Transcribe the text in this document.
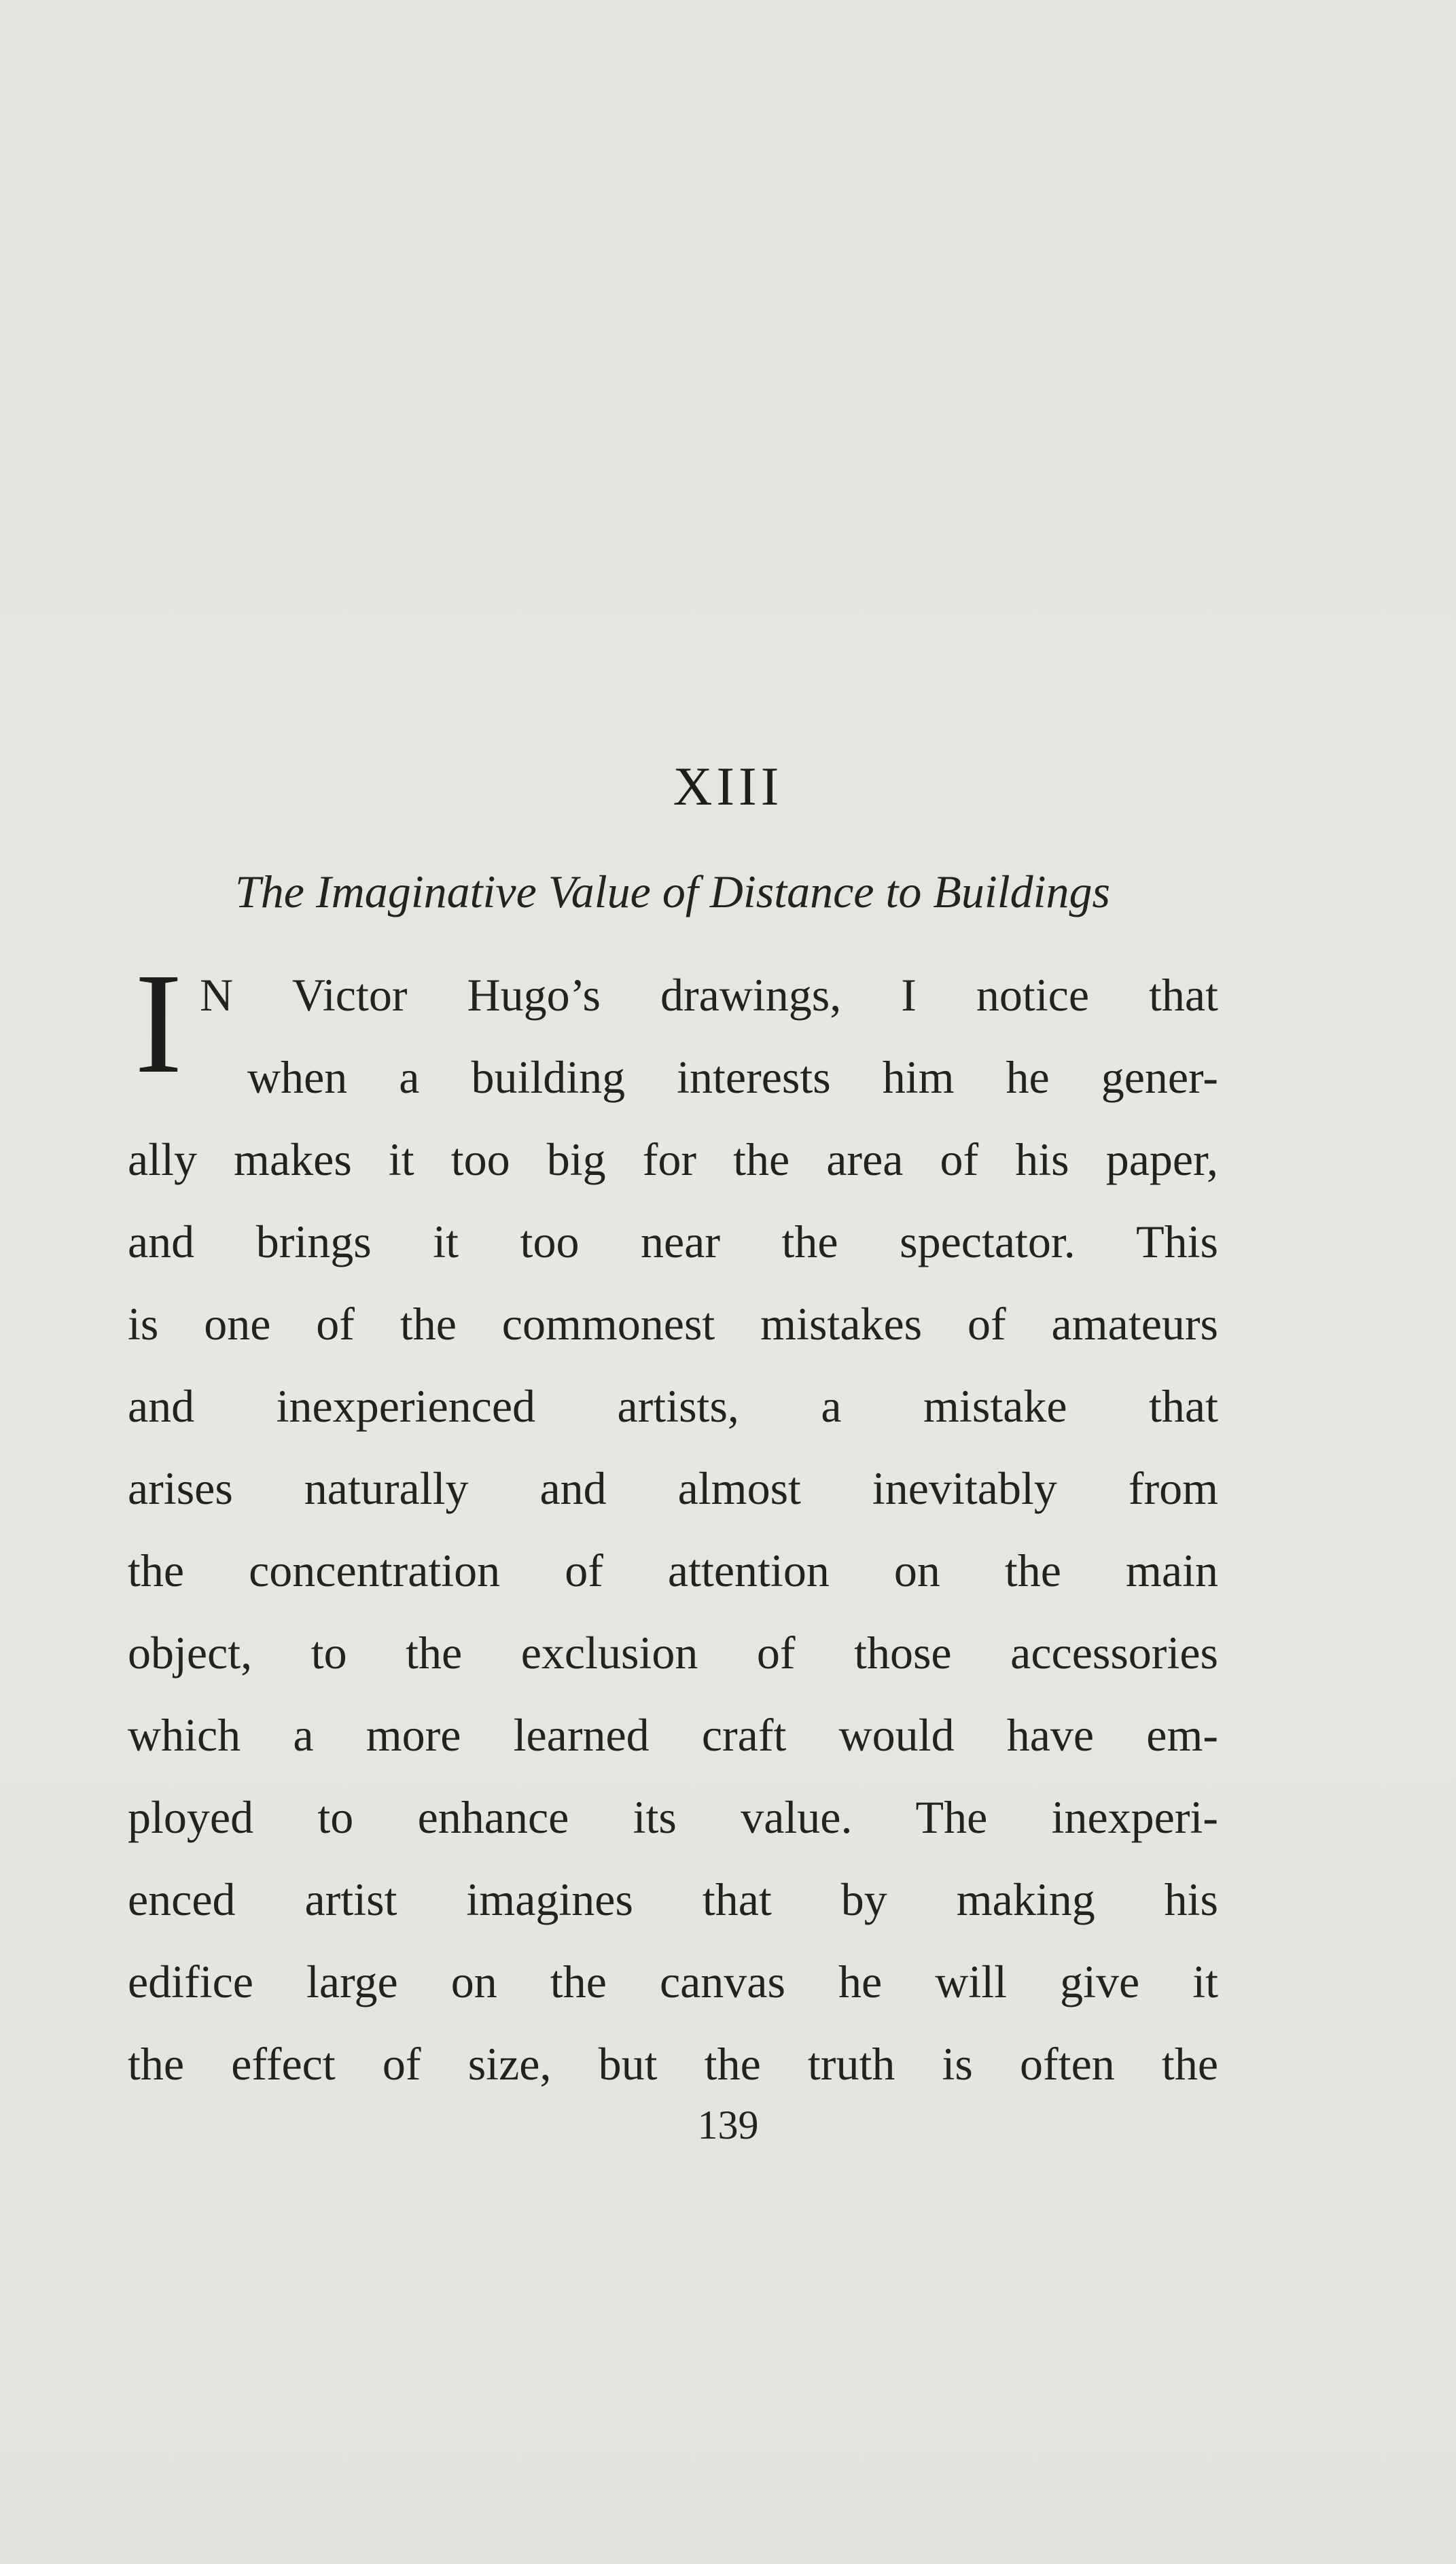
XIII
The Imaginative Value of Distance to Buildings
I N Victor Hugo’s drawings, I notice that
when a building interests him he gener-
ally makes it too big for the area of his paper,
and brings it too near the spectator. This
is one of the commonest mistakes of amateurs
and inexperienced artists, a mistake that
arises naturally and almost inevitably from
the concentration of attention on the main
object, to the exclusion of those accessories
which a more learned craft would have em-
ployed to enhance its value. The inexperi-
enced artist imagines that by making his
edifice large on the canvas he will give it
the effect of size, but the truth is often the
139
